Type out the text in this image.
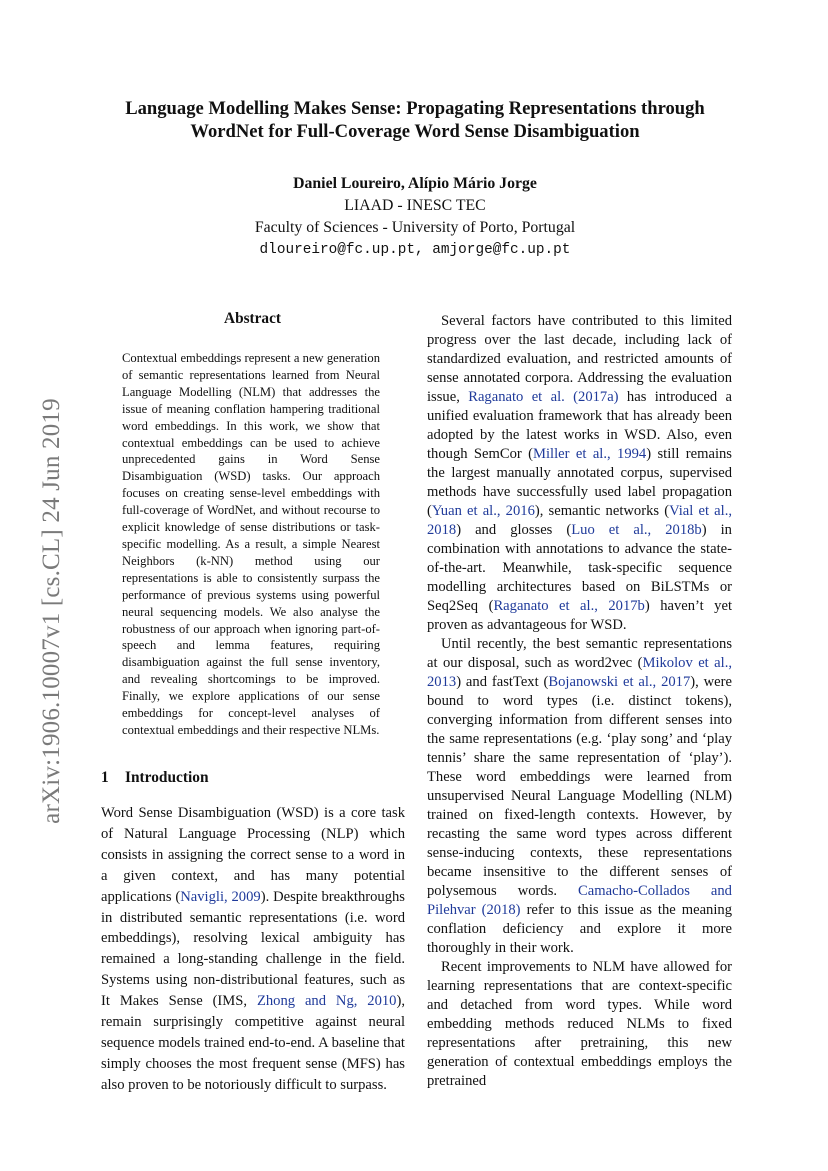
arXiv:1906.10007v1 [cs.CL] 24 Jun 2019
Language Modelling Makes Sense: Propagating Representations through
WordNet for Full-Coverage Word Sense Disambiguation
Daniel Loureiro, Alípio Mário Jorge
LIAAD - INESC TEC
Faculty of Sciences - University of Porto, Portugal
dloureiro@fc.up.pt, amjorge@fc.up.pt
Abstract
Contextual embeddings represent a new generation of semantic representations learned from Neural Language Modelling (NLM) that addresses the issue of meaning conflation hampering traditional word embeddings. In this work, we show that contextual embeddings can be used to achieve unprecedented gains in Word Sense Disambiguation (WSD) tasks. Our approach focuses on creating sense-level embeddings with full-coverage of WordNet, and without recourse to explicit knowledge of sense distributions or task-specific modelling. As a result, a simple Nearest Neighbors (k-NN) method using our representations is able to consistently surpass the performance of previous systems using powerful neural sequencing models. We also analyse the robustness of our approach when ignoring part-of-speech and lemma features, requiring disambiguation against the full sense inventory, and revealing shortcomings to be improved. Finally, we explore applications of our sense embeddings for concept-level analyses of contextual embeddings and their respective NLMs.
1 Introduction

Word Sense Disambiguation (WSD) is a core task of Natural Language Processing (NLP) which consists in assigning the correct sense to a word in a given context, and has many potential applications (Navigli, 2009). Despite breakthroughs in distributed semantic representations (i.e. word embeddings), resolving lexical ambiguity has remained a long-standing challenge in the field. Systems using non-distributional features, such as It Makes Sense (IMS, Zhong and Ng, 2010), remain surprisingly competitive against neural sequence models trained end-to-end. A baseline that simply chooses the most frequent sense (MFS) has also proven to be notoriously difficult to surpass.

Several factors have contributed to this limited progress over the last decade, including lack of standardized evaluation, and restricted amounts of sense annotated corpora. Addressing the evaluation issue, Raganato et al. (2017a) has introduced a unified evaluation framework that has already been adopted by the latest works in WSD. Also, even though SemCor (Miller et al., 1994) still remains the largest manually annotated corpus, supervised methods have successfully used label propagation (Yuan et al., 2016), semantic networks (Vial et al., 2018) and glosses (Luo et al., 2018b) in combination with annotations to advance the state-of-the-art. Meanwhile, task-specific sequence modelling architectures based on BiLSTMs or Seq2Seq (Raganato et al., 2017b) haven’t yet proven as advantageous for WSD.

Until recently, the best semantic representations at our disposal, such as word2vec (Mikolov et al., 2013) and fastText (Bojanowski et al., 2017), were bound to word types (i.e. distinct tokens), converging information from different senses into the same representations (e.g. ‘play song’ and ‘play tennis’ share the same representation of ‘play’). These word embeddings were learned from unsupervised Neural Language Modelling (NLM) trained on fixed-length contexts. However, by recasting the same word types across different sense-inducing contexts, these representations became insensitive to the different senses of polysemous words. Camacho-Collados and Pilehvar (2018) refer to this issue as the meaning conflation deficiency and explore it more thoroughly in their work.

Recent improvements to NLM have allowed for learning representations that are context-specific and detached from word types. While word embedding methods reduced NLMs to fixed representations after pretraining, this new generation of contextual embeddings employs the pretrained
